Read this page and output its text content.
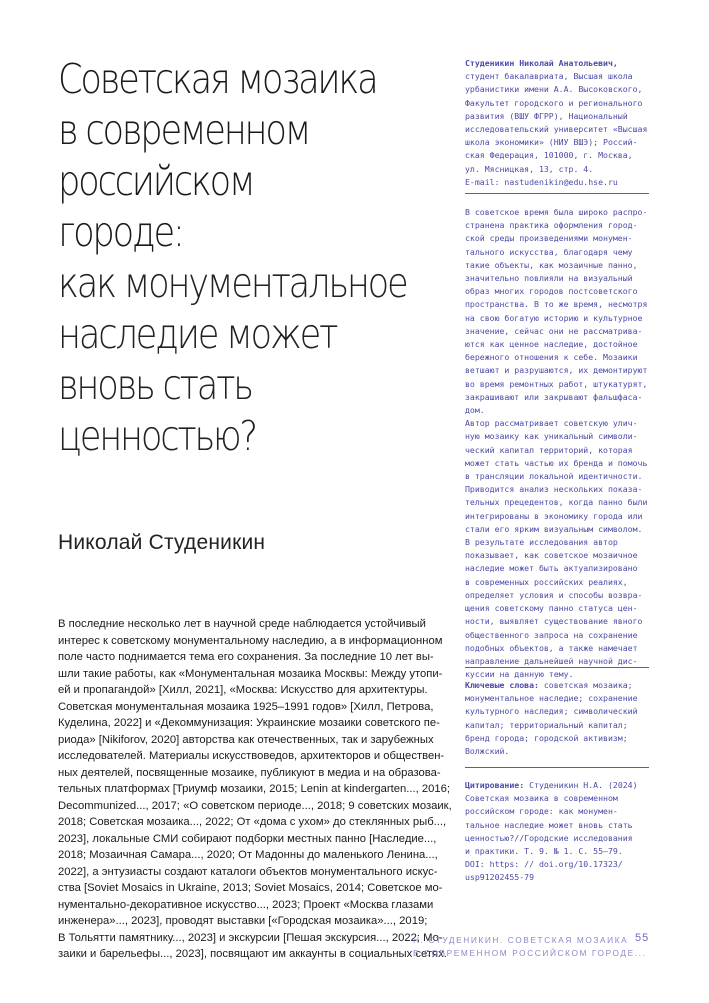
Советская мозаика
в современном
российском
городе:
как монументальное
наследие может
вновь стать
ценностью?
Николай Студеникин
В последние несколько лет в научной среде наблюдается устойчивый
интерес к советскому монументальному наследию, а в информационном
поле часто поднимается тема его сохранения. За последние 10 лет вы-
шли такие работы, как «Монументальная мозаика Москвы: Между утопи-
ей и пропагандой» [Хилл, 2021], «Москва: Искусство для архитектуры.
Советская монументальная мозаика 1925–1991 годов» [Хилл, Петрова,
Куделина, 2022] и «Декоммунизация: Украинские мозаики советского пе-
риода» [Nikiforov, 2020] авторства как отечественных, так и зарубежных
исследователей. Материалы искусствоведов, архитекторов и обществен-
ных деятелей, посвященные мозаике, публикуют в медиа и на образова-
тельных платформах [Триумф мозаики, 2015; Lenin at kindergarten..., 2016;
Decommunized..., 2017; «О советском периоде..., 2018; 9 советских мозаик,
2018; Советская мозаика..., 2022; От «дома с ухом» до стеклянных рыб...,
2023], локальные СМИ собирают подборки местных панно [Наследие...,
2018; Мозаичная Самара..., 2020; От Мадонны до маленького Ленина...,
2022], а энтузиасты создают каталоги объектов монументального искус-
ства [Soviet Mosaics in Ukraine, 2013; Soviet Mosaics, 2014; Советское мо-
нументально-декоративное искусство..., 2023; Проект «Москва глазами
инженера»..., 2023], проводят выставки [«Городская мозаика»..., 2019;
В Тольятти памятнику..., 2023] и экскурсии [Пешая экскурсия..., 2022; Мо-
заики и барельефы..., 2023], посвящают им аккаунты в социальных сетях.
Студеникин Николай Анатольевич,
студент бакалавриата, Высшая школа
урбанистики имени А.А. Высоковского,
Факультет городского и регионального
развития (ВШУ ФГРР), Национальный
исследовательский университет «Высшая
школа экономики» (НИУ ВШЭ); Россий-
ская Федерация, 101000, г. Москва,
ул. Мясницкая, 13, стр. 4.
E-mail: nastudenikin@edu.hse.ru
В советское время была широко распро-
странена практика оформления город-
ской среды произведениями монумен-
тального искусства, благодаря чему
такие объекты, как мозаичные панно,
значительно повлияли на визуальный
образ многих городов постсоветского
пространства. В то же время, несмотря
на свою богатую историю и культурное
значение, сейчас они не рассматрива-
ются как ценное наследие, достойное
бережного отношения к себе. Мозаики
ветшают и разрушаются, их демонтируют
во время ремонтных работ, штукатурят,
закрашивают или закрывают фальшфаса-
дом.
Автор рассматривает советскую улич-
ную мозаику как уникальный символи-
ческий капитал территорий, которая
может стать частью их бренда и помочь
в трансляции локальной идентичности.
Приводится анализ нескольких показа-
тельных прецедентов, когда панно были
интегрированы в экономику города или
стали его ярким визуальным символом.
В результате исследования автор
показывает, как советское мозаичное
наследие может быть актуализировано
в современных российских реалиях,
определяет условия и способы возвра-
щения советскому панно статуса цен-
ности, выявляет существование явного
общественного запроса на сохранение
подобных объектов, а также намечает
направление дальнейшей научной дис-
куссии на данную тему.
Ключевые слова: советская мозаика;
монументальное наследие; сохранение
культурного наследия; символический
капитал; территориальный капитал;
бренд города; городской активизм;
Волжский.
Цитирование: Студеникин Н.А. (2024)
Советская мозаика в современном
российском городе: как монумен-
тальное наследие может вновь стать
ценностью?//Городские исследования
и практики. Т. 9. № 1. С. 55–79.
DOI: https: // doi.org/10.17323/
usp91202455-79
Н. СТУДЕНИКИН. СОВЕТСКАЯ МОЗАИКА
В СОВРЕМЕННОМ РОССИЙСКОМ ГОРОДЕ...
55
